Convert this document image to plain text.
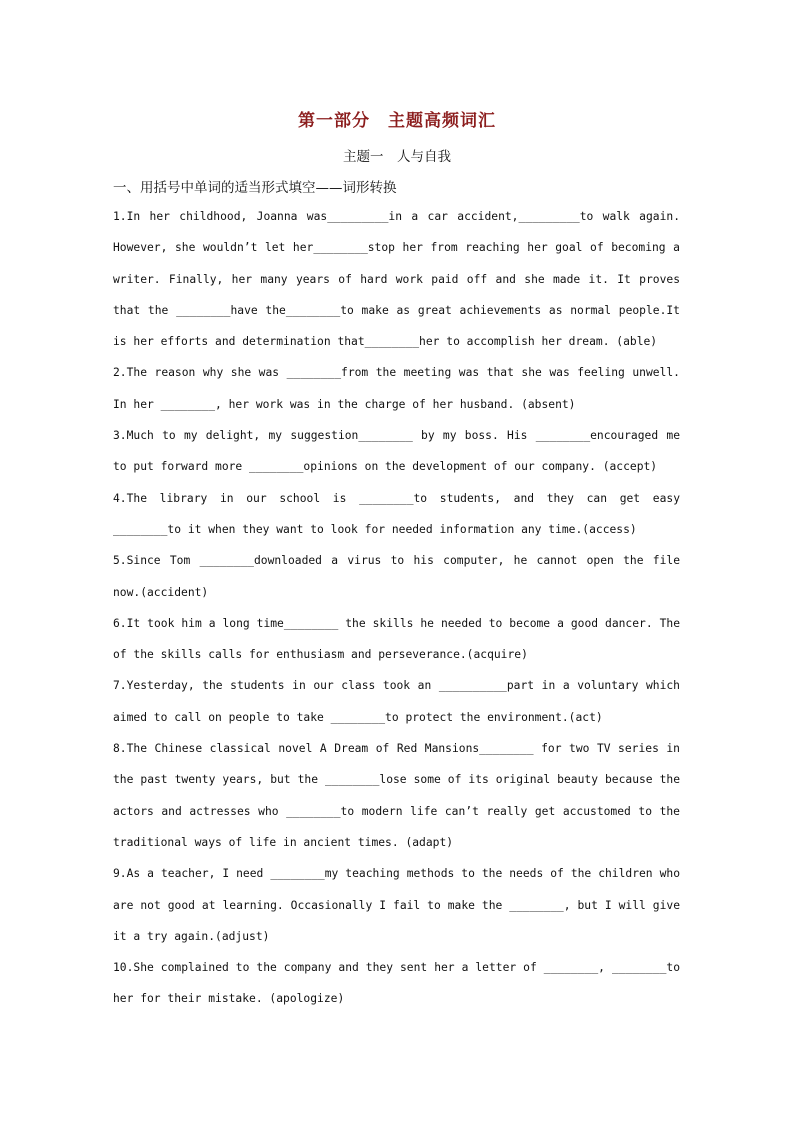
第一部分　主题高频词汇
主题一　人与自我
一、用括号中单词的适当形式填空——词形转换

1.In her childhood, Joanna was_________in a car accident,_________to walk again. However, she wouldn’t let her________stop her from reaching her goal of becoming a writer. Finally, her many years of hard work paid off and she made it. It proves that the ________have the________to make as great achievements as normal people.It is her efforts and determination that________her to accomplish her dream. (able)

2.The reason why she was ________from the meeting was that she was feeling unwell. In her ________, her work was in the charge of her husband. (absent)

3.Much to my delight, my suggestion________ by my boss. His ________encouraged me to put forward more ________opinions on the development of our company. (accept)

4.The library in our school is ________to students, and they can get easy ________to it when they want to look for needed information any time.(access)

5.Since Tom ________downloaded a virus to his computer, he cannot open the file now.(accident)

6.It took him a long time________ the skills he needed to become a good dancer. The of the skills calls for enthusiasm and perseverance.(acquire)

7.Yesterday, the students in our class took an __________part in a voluntary which aimed to call on people to take ________to protect the environment.(act)

8.The Chinese classical novel A Dream of Red Mansions________ for two TV series in the past twenty years, but the ________lose some of its original beauty because the actors and actresses who ________to modern life can’t really get accustomed to the traditional ways of life in ancient times. (adapt)

9.As a teacher, I need ________my teaching methods to the needs of the children who are not good at learning. Occasionally I fail to make the ________, but I will give it a try again.(adjust)

10.She complained to the company and they sent her a letter of ________, ________to her for their mistake. (apologize)
